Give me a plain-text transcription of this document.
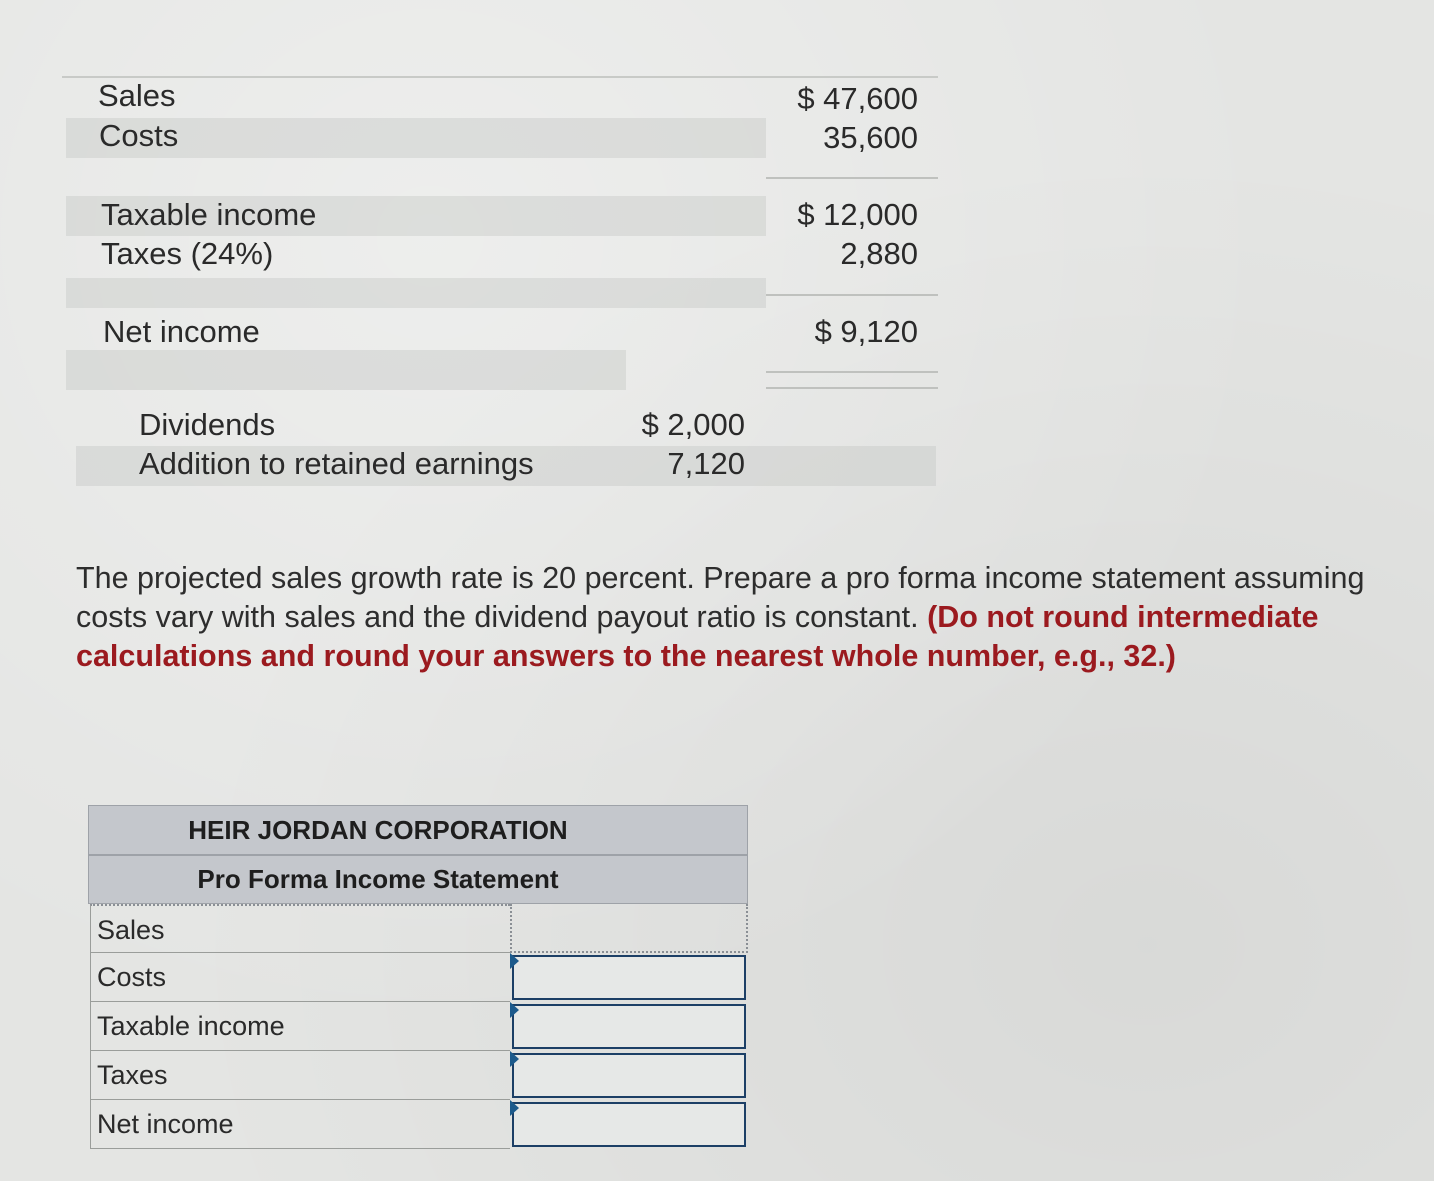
Sales	$ 47,600
Costs	35,600
Taxable income	$ 12,000
Taxes (24%)	2,880
Net income	$ 9,120
Dividends	$ 2,000
Addition to retained earnings	7,120
The projected sales growth rate is 20 percent. Prepare a pro forma income statement assuming costs vary with sales and the dividend payout ratio is constant. (Do not round intermediate calculations and round your answers to the nearest whole number, e.g., 32.)
HEIR JORDAN CORPORATION
Pro Forma Income Statement
Sales
Costs
Taxable income
Taxes
Net income
